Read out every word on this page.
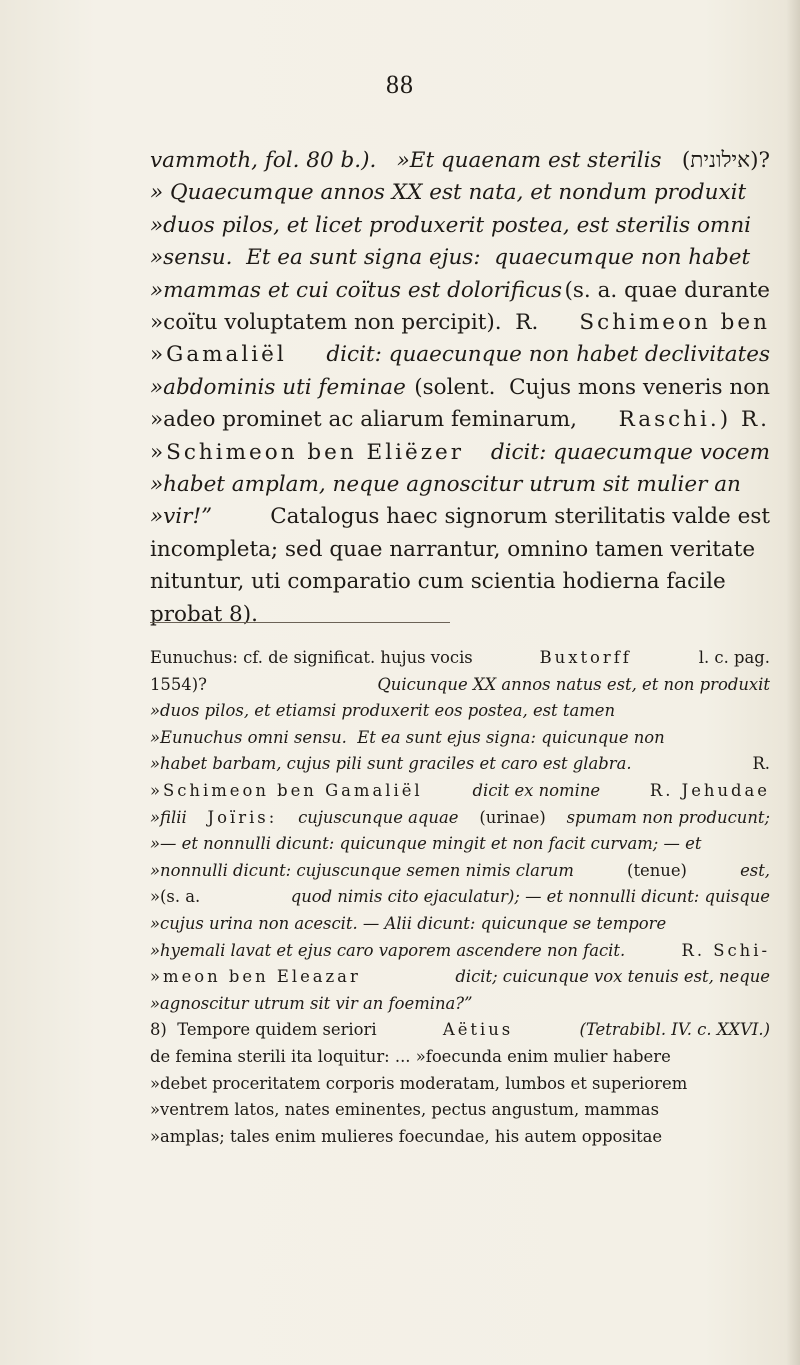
88
vammoth, fol. 80 b.). »Et quaenam est sterilis (אילונית)?
» Quaecumque annos XX est nata, et nondum produxit
»duos pilos, et licet produxerit postea, est sterilis omni
»sensu.  Et ea sunt signa ejus:  quaecumque non habet
»mammas et cui coïtus est dolorificus (s. a. quae durante
»coïtu voluptatem non percipit).  R. Schimeon ben
»Gamaliël dicit: quaecunque non habet declivitates
»abdominis uti feminae (solent.  Cujus mons veneris non
»adeo prominet ac aliarum feminarum, Raschi.) R.
»Schimeon ben Eliëzer dicit: quaecumque vocem
»habet amplam, neque agnoscitur utrum sit mulier an
»vir!”	Catalogus haec signorum sterilitatis valde est
incompleta; sed quae narrantur, omnino tamen veritate
nituntur, uti comparatio cum scientia hodierna facile
probat 8).
Eunuchus: cf. de significat. hujus vocis	Buxtorff	l. c. pag.
1554)?	Quicunque XX annos natus est, et non produxit
»duos pilos, et etiamsi produxerit eos postea, est tamen
»Eunuchus omni sensu.  Et ea sunt ejus signa: quicunque non
»habet barbam, cujus pili sunt graciles et caro est glabra.	R.
»Schimeon ben Gamaliël	dicit ex nomine	R. Jehudae
»filii Joïris: cujuscunque aquae (urinae) spumam non producunt;
»— et nonnulli dicunt: quicunque mingit et non facit curvam; — et
»nonnulli dicunt: cujuscunque semen nimis clarum	(tenue)	est,
»(s. a.	quod nimis cito ejaculatur); — et nonnulli dicunt: quisque
»cujus urina non acescit. — Alii dicunt: quicunque se tempore
»hyemali lavat et ejus caro vaporem ascendere non facit.	R. Schi-
»meon ben Eleazar	dicit; cuicunque vox tenuis est, neque
»agnoscitur utrum sit vir an foemina?”
8)  Tempore quidem seriori	Aëtius	(Tetrabibl. IV. c. XXVI.)
de femina sterili ita loquitur: ... »foecunda enim mulier habere
»debet proceritatem corporis moderatam, lumbos et superiorem
»ventrem latos, nates eminentes, pectus angustum, mammas
»amplas; tales enim mulieres foecundae, his autem oppositae
